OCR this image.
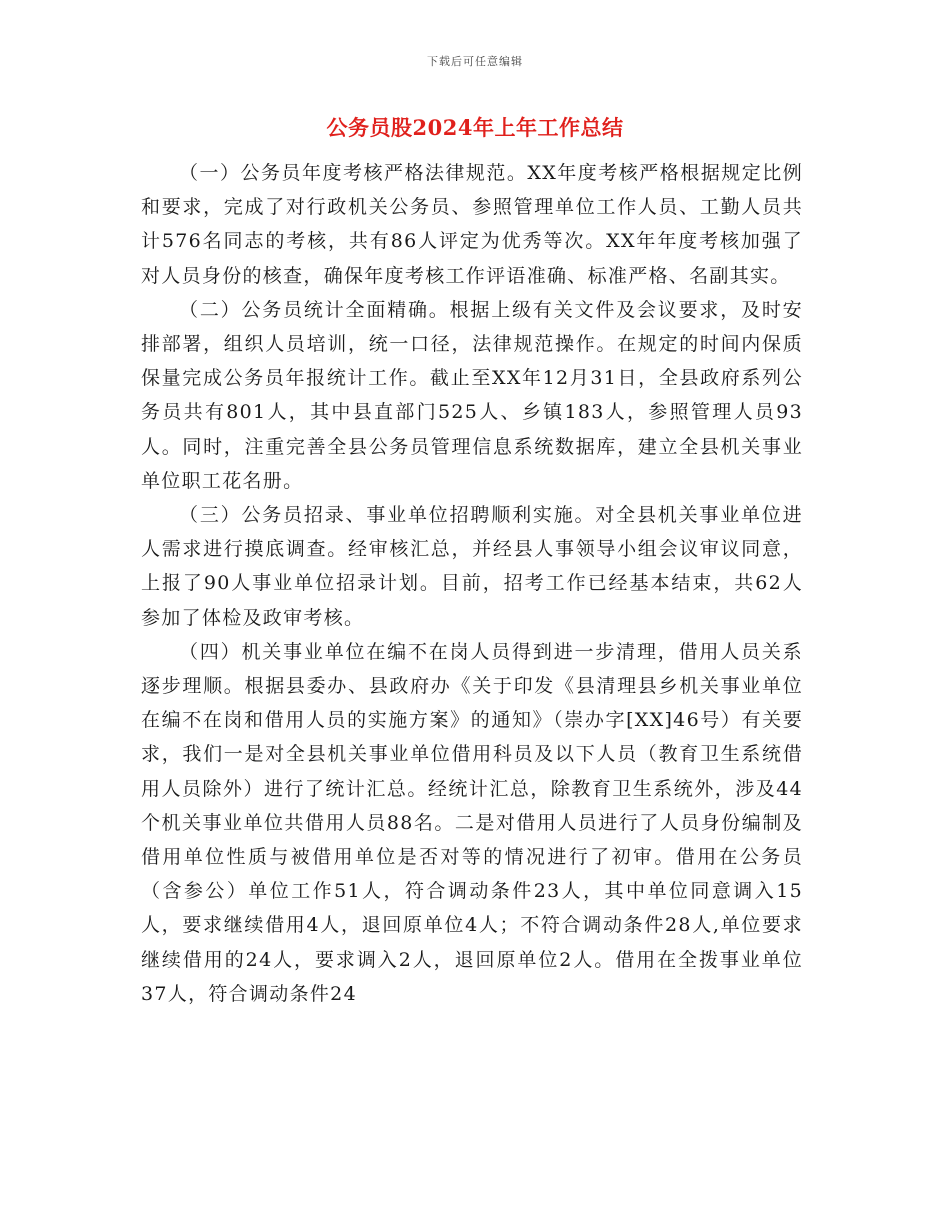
下载后可任意编辑
公务员股2024年上年工作总结

（一）公务员年度考核严格法律规范。XX年度考核严格根据规定比例和要求，完成了对行政机关公务员、参照管理单位工作人员、工勤人员共计576名同志的考核，共有86人评定为优秀等次。XX年年度考核加强了对人员身份的核查，确保年度考核工作评语准确、标准严格、名副其实。

（二）公务员统计全面精确。根据上级有关文件及会议要求，及时安排部署，组织人员培训，统一口径，法律规范操作。在规定的时间内保质保量完成公务员年报统计工作。截止至XX年12月31日，全县政府系列公务员共有801人，其中县直部门525人、乡镇183人，参照管理人员93人。同时，注重完善全县公务员管理信息系统数据库，建立全县机关事业单位职工花名册。

（三）公务员招录、事业单位招聘顺利实施。对全县机关事业单位进人需求进行摸底调查。经审核汇总，并经县人事领导小组会议审议同意，上报了90人事业单位招录计划。目前，招考工作已经基本结束，共62人参加了体检及政审考核。

（四）机关事业单位在编不在岗人员得到进一步清理，借用人员关系逐步理顺。根据县委办、县政府办《关于印发《县清理县乡机关事业单位在编不在岗和借用人员的实施方案》的通知》（崇办字[XX]46号）有关要求，我们一是对全县机关事业单位借用科员及以下人员（教育卫生系统借用人员除外）进行了统计汇总。经统计汇总，除教育卫生系统外，涉及44个机关事业单位共借用人员88名。二是对借用人员进行了人员身份编制及借用单位性质与被借用单位是否对等的情况进行了初审。借用在公务员（含参公）单位工作51人，符合调动条件23人，其中单位同意调入15人，要求继续借用4人，退回原单位4人；不符合调动条件28人,单位要求继续借用的24人，要求调入2人，退回原单位2人。借用在全拨事业单位37人，符合调动条件24
